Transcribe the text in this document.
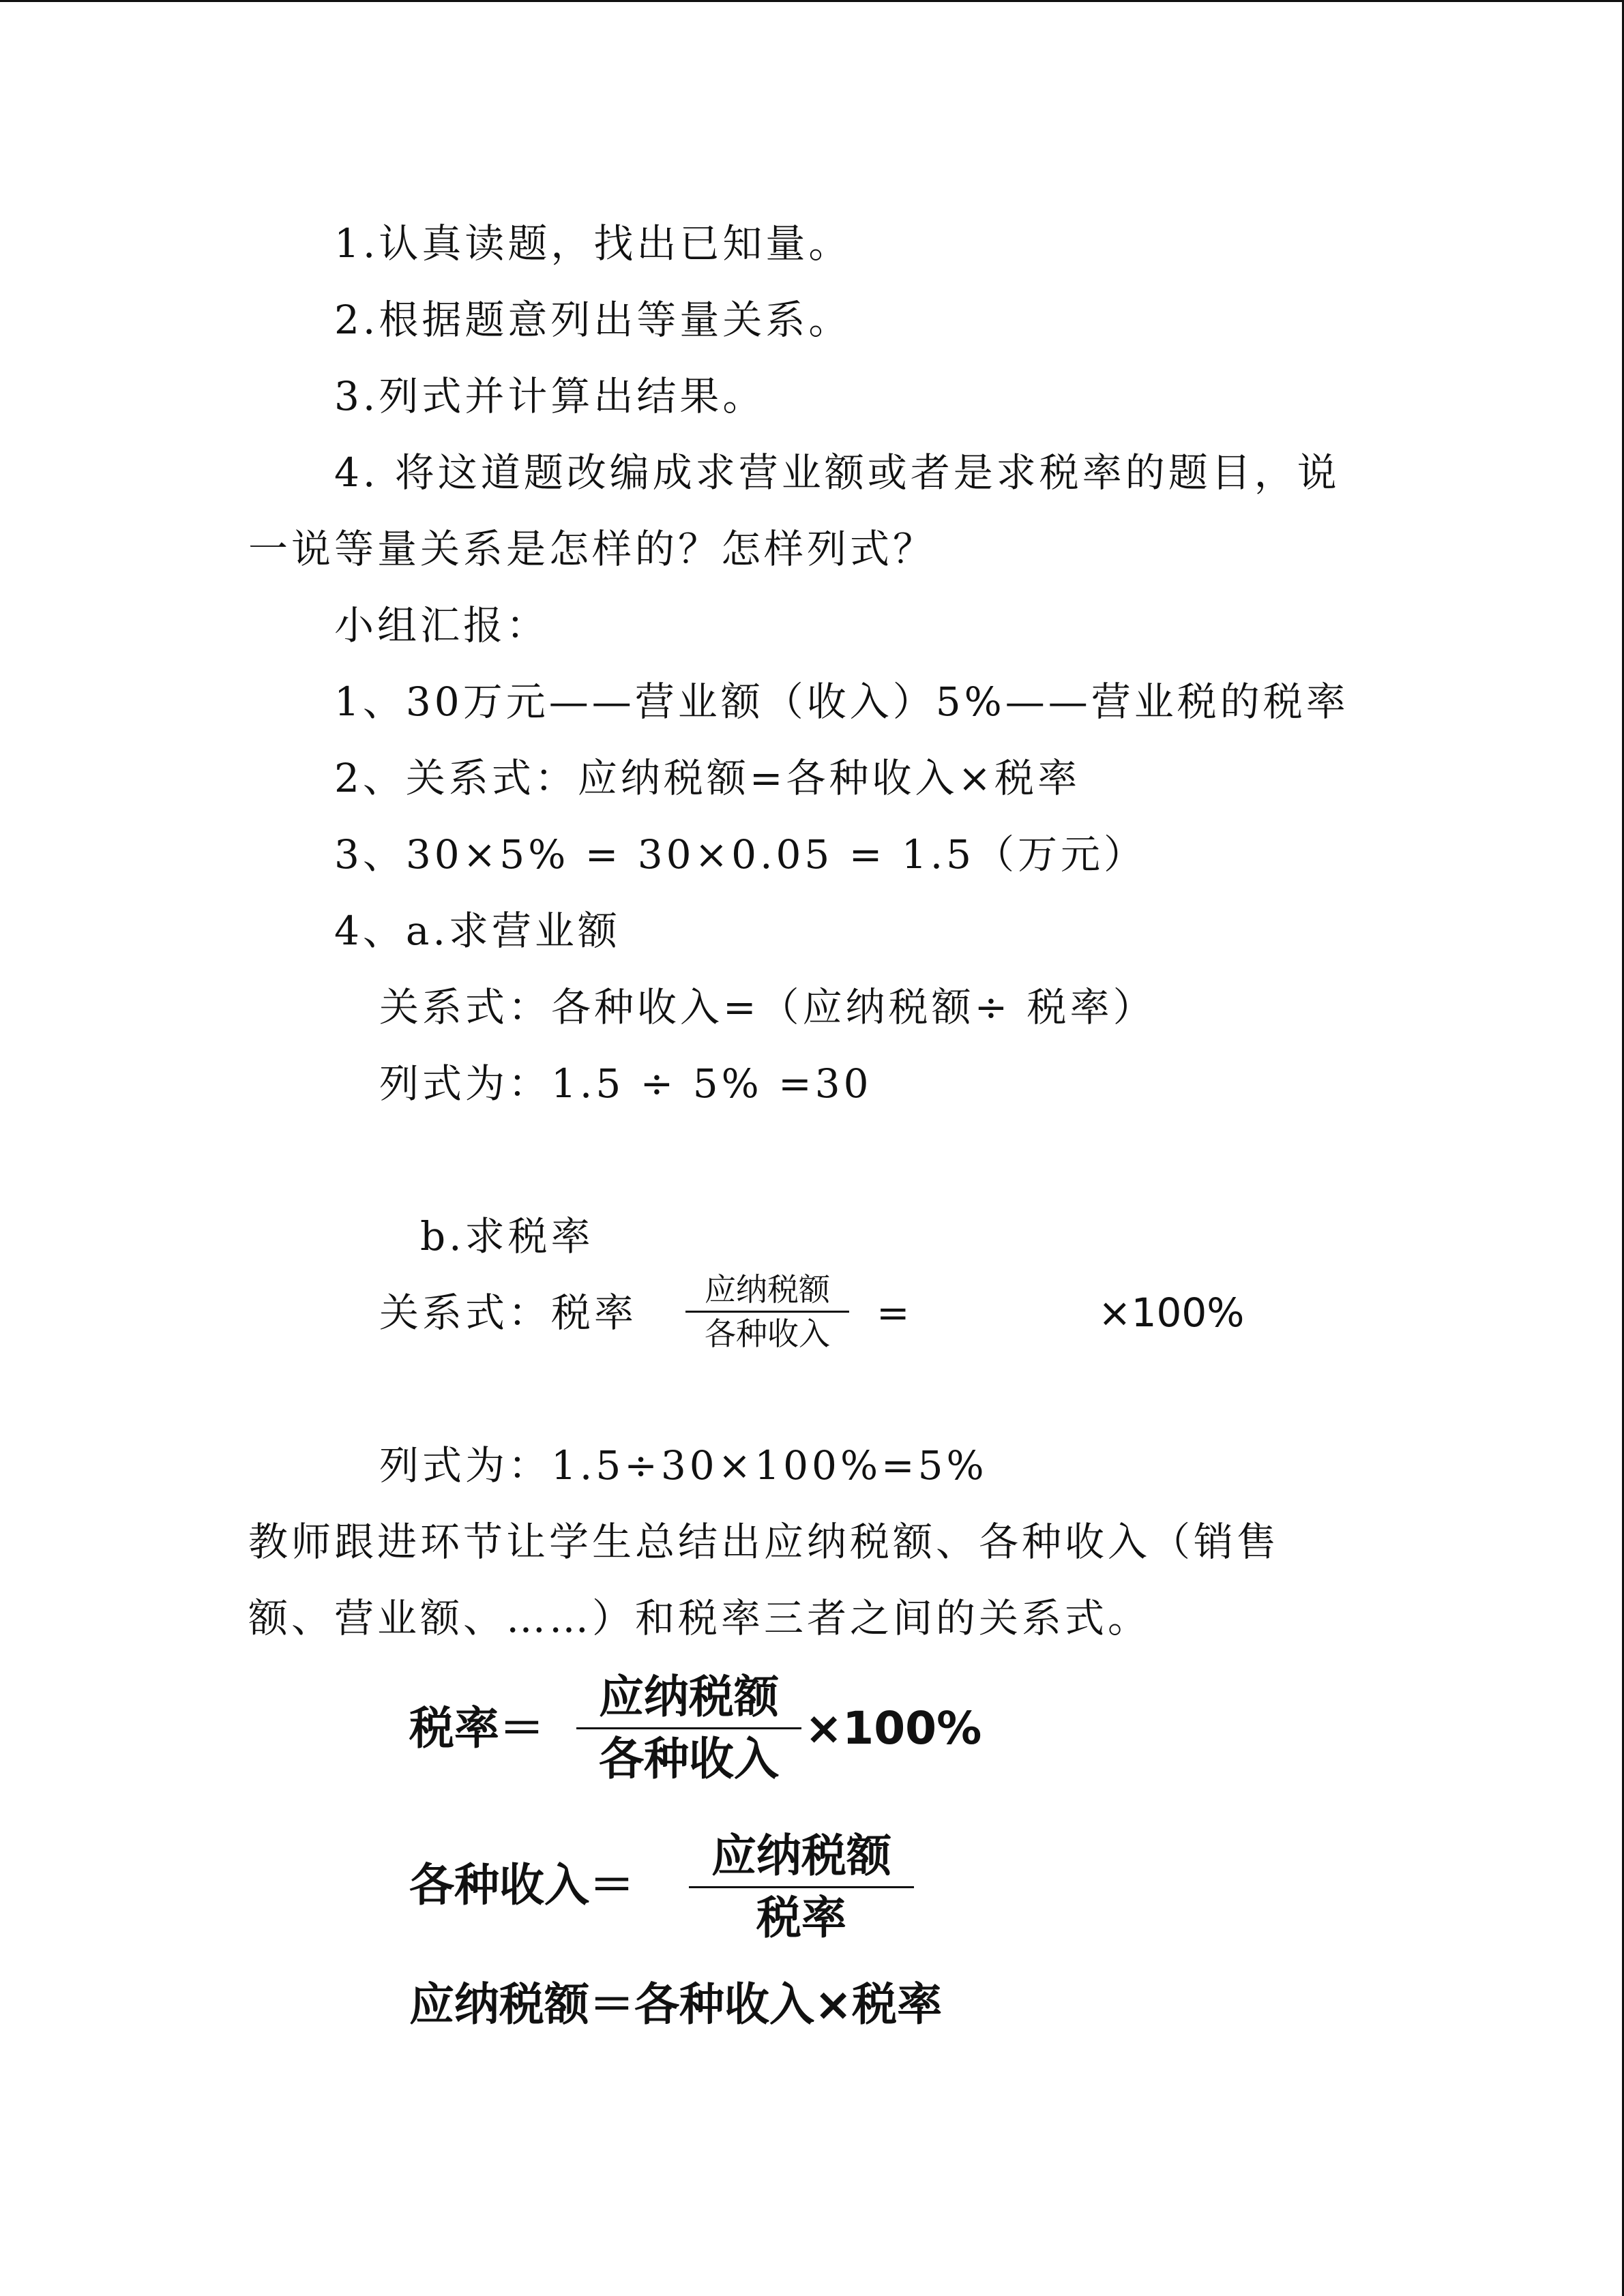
1.认真读题，找出已知量。
2.根据题意列出等量关系。
3.列式并计算出结果。
4. 将这道题改编成求营业额或者是求税率的题目，说
一说等量关系是怎样的？怎样列式？
小组汇报：
1、30万元——营业额（收入）5%——营业税的税率
2、关系式：应纳税额=各种收入×税率
3、30×5% = 30×0.05 = 1.5（万元）
4、a.求营业额
关系式：各种收入=（应纳税额÷ 税率）
列式为：1.5 ÷ 5% =30
b.求税率
关系式：税率	应纳税额
各种收入	=	×100%
列式为：1.5÷30×100%=5%
教师跟进环节让学生总结出应纳税额、各种收入（销售
额、营业额、……）和税率三者之间的关系式。
税率＝
应纳税额
各种收入
×100%
各种收入＝
应纳税额
税率
应纳税额＝各种收入×税率
